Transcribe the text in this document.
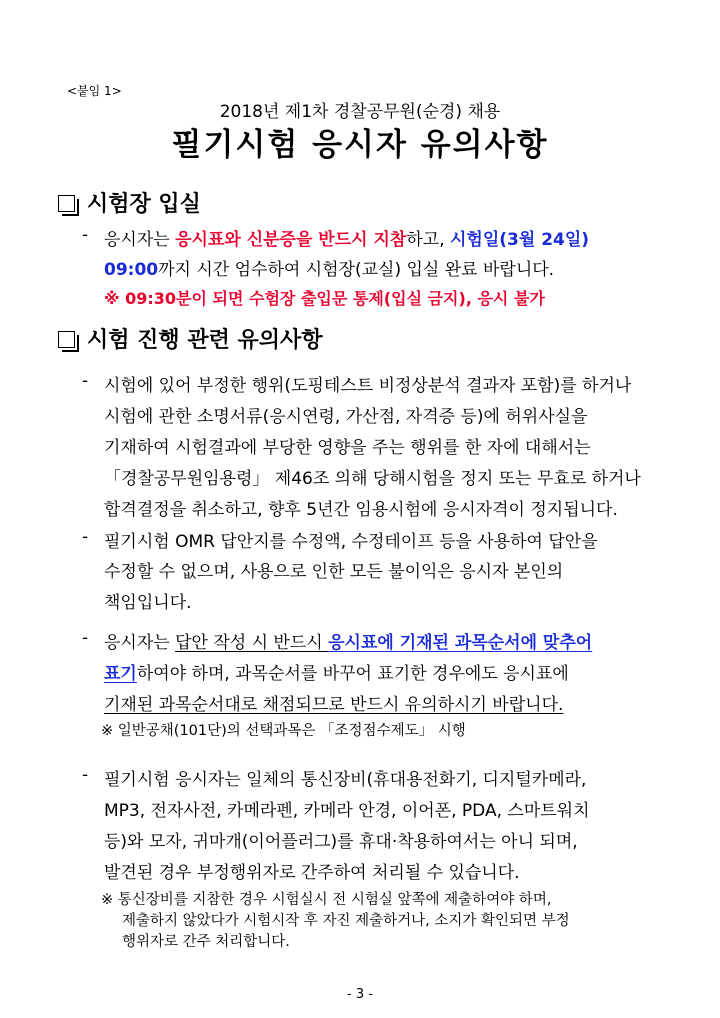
<붙임 1>
2018년 제1차 경찰공무원(순경) 채용
필기시험 응시자 유의사항
시험장 입실
- 응시자는 응시표와 신분증을 반드시 지참하고, 시험일(3월 24일)
09:00까지 시간 엄수하여 시험장(교실) 입실 완료 바랍니다.
※ 09:30분이 되면 수험장 출입문 통제(입실 금지), 응시 불가
시험 진행 관련 유의사항
- 시험에 있어 부정한 행위(도핑테스트 비정상분석 결과자 포함)를 하거나
시험에 관한 소명서류(응시연령, 가산점, 자격증 등)에 허위사실을
기재하여 시험결과에 부당한 영향을 주는 행위를 한 자에 대해서는
「경찰공무원임용령」 제46조 의해 당해시험을 정지 또는 무효로 하거나
합격결정을 취소하고, 향후 5년간 임용시험에 응시자격이 정지됩니다.
- 필기시험 OMR 답안지를 수정액, 수정테이프 등을 사용하여 답안을
수정할 수 없으며, 사용으로 인한 모든 불이익은 응시자 본인의
책임입니다.
- 응시자는 답안 작성 시 반드시 응시표에 기재된 과목순서에 맞추어
표기하여야 하며, 과목순서를 바꾸어 표기한 경우에도 응시표에
기재된 과목순서대로 채점되므로 반드시 유의하시기 바랍니다.
※ 일반공채(101단)의 선택과목은 「조정점수제도」 시행
- 필기시험 응시자는 일체의 통신장비(휴대용전화기, 디지털카메라,
MP3, 전자사전, 카메라펜, 카메라 안경, 이어폰, PDA, 스마트워치
등)와 모자, 귀마개(이어플러그)를 휴대·착용하여서는 아니 되며,
발견된 경우 부정행위자로 간주하여 처리될 수 있습니다.
※ 통신장비를 지참한 경우 시험실시 전 시험실 앞쪽에 제출하여야 하며,
제출하지 않았다가 시험시작 후 자진 제출하거나, 소지가 확인되면 부정
행위자로 간주 처리합니다.
- 3 -
